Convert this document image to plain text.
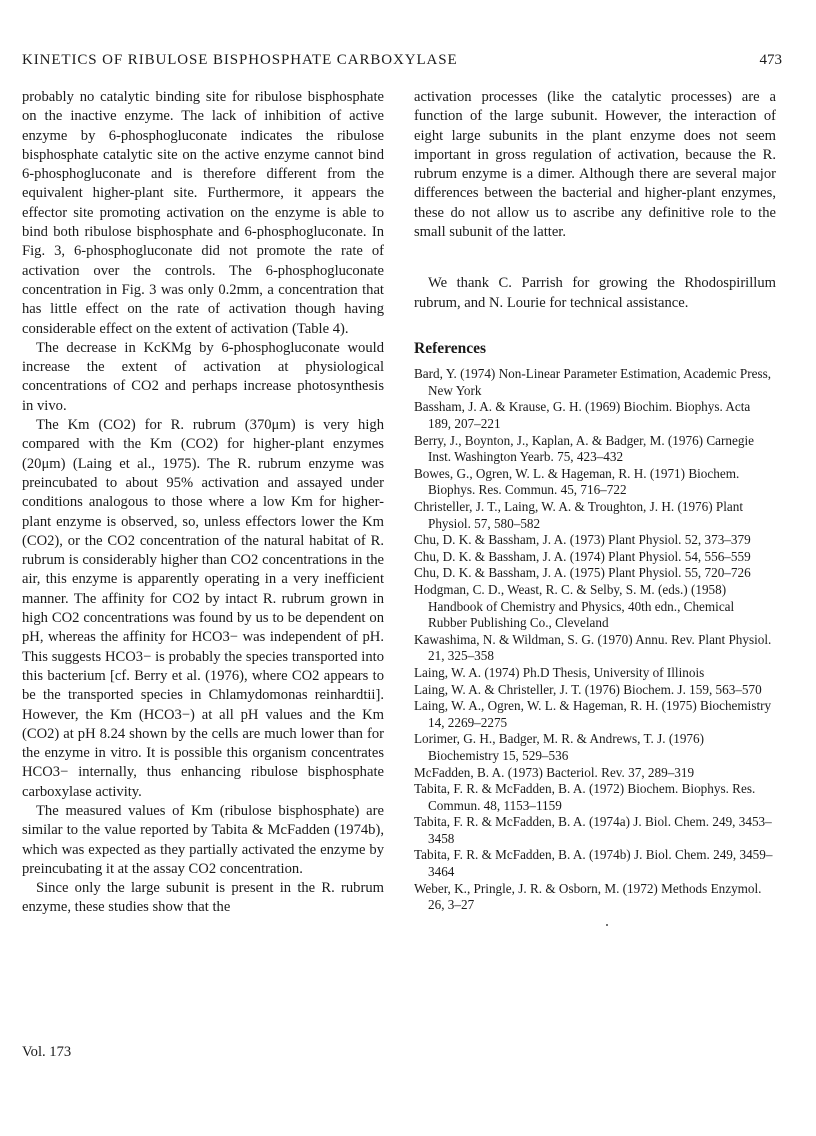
KINETICS OF RIBULOSE BISPHOSPHATE CARBOXYLASE	473

probably no catalytic binding site for ribulose bisphosphate on the inactive enzyme. The lack of inhibition of active enzyme by 6-phosphogluconate indicates the ribulose bisphosphate catalytic site on the active enzyme cannot bind 6-phosphogluconate and is therefore different from the equivalent higher-plant site. Furthermore, it appears the effector site promoting activation on the enzyme is able to bind both ribulose bisphosphate and 6-phosphogluconate. In Fig. 3, 6-phosphogluconate did not promote the rate of activation over the controls. The 6-phosphogluconate concentration in Fig. 3 was only 0.2mm, a concentration that has little effect on the rate of activation though having considerable effect on the extent of activation (Table 4).

The decrease in KcKMg by 6-phosphogluconate would increase the extent of activation at physiological concentrations of CO2 and perhaps increase photosynthesis in vivo.

The Km (CO2) for R. rubrum (370μm) is very high compared with the Km (CO2) for higher-plant enzymes (20μm) (Laing et al., 1975). The R. rubrum enzyme was preincubated to about 95% activation and assayed under conditions analogous to those where a low Km for higher-plant enzyme is observed, so, unless effectors lower the Km (CO2), or the CO2 concentration of the natural habitat of R. rubrum is considerably higher than CO2 concentrations in the air, this enzyme is apparently operating in a very inefficient manner. The affinity for CO2 by intact R. rubrum grown in high CO2 concentrations was found by us to be dependent on pH, whereas the affinity for HCO3− was independent of pH. This suggests HCO3− is probably the species transported into this bacterium [cf. Berry et al. (1976), where CO2 appears to be the transported species in Chlamydomonas reinhardtii]. However, the Km (HCO3−) at all pH values and the Km (CO2) at pH 8.24 shown by the cells are much lower than for the enzyme in vitro. It is possible this organism concentrates HCO3− internally, thus enhancing ribulose bisphosphate carboxylase activity.

The measured values of Km (ribulose bisphosphate) are similar to the value reported by Tabita & McFadden (1974b), which was expected as they partially activated the enzyme by preincubating it at the assay CO2 concentration.

Since only the large subunit is present in the R. rubrum enzyme, these studies show that the

activation processes (like the catalytic processes) are a function of the large subunit. However, the interaction of eight large subunits in the plant enzyme does not seem important in gross regulation of activation, because the R. rubrum enzyme is a dimer. Although there are several major differences between the bacterial and higher-plant enzymes, these do not allow us to ascribe any definitive role to the small subunit of the latter.

We thank C. Parrish for growing the Rhodospirillum rubrum, and N. Lourie for technical assistance.

References
Bard, Y. (1974) Non-Linear Parameter Estimation, Academic Press, New York
Bassham, J. A. & Krause, G. H. (1969) Biochim. Biophys. Acta 189, 207–221
Berry, J., Boynton, J., Kaplan, A. & Badger, M. (1976) Carnegie Inst. Washington Yearb. 75, 423–432
Bowes, G., Ogren, W. L. & Hageman, R. H. (1971) Biochem. Biophys. Res. Commun. 45, 716–722
Christeller, J. T., Laing, W. A. & Troughton, J. H. (1976) Plant Physiol. 57, 580–582
Chu, D. K. & Bassham, J. A. (1973) Plant Physiol. 52, 373–379
Chu, D. K. & Bassham, J. A. (1974) Plant Physiol. 54, 556–559
Chu, D. K. & Bassham, J. A. (1975) Plant Physiol. 55, 720–726
Hodgman, C. D., Weast, R. C. & Selby, S. M. (eds.) (1958) Handbook of Chemistry and Physics, 40th edn., Chemical Rubber Publishing Co., Cleveland
Kawashima, N. & Wildman, S. G. (1970) Annu. Rev. Plant Physiol. 21, 325–358
Laing, W. A. (1974) Ph.D Thesis, University of Illinois
Laing, W. A. & Christeller, J. T. (1976) Biochem. J. 159, 563–570
Laing, W. A., Ogren, W. L. & Hageman, R. H. (1975) Biochemistry 14, 2269–2275
Lorimer, G. H., Badger, M. R. & Andrews, T. J. (1976) Biochemistry 15, 529–536
McFadden, B. A. (1973) Bacteriol. Rev. 37, 289–319
Tabita, F. R. & McFadden, B. A. (1972) Biochem. Biophys. Res. Commun. 48, 1153–1159
Tabita, F. R. & McFadden, B. A. (1974a) J. Biol. Chem. 249, 3453–3458
Tabita, F. R. & McFadden, B. A. (1974b) J. Biol. Chem. 249, 3459–3464
Weber, K., Pringle, J. R. & Osborn, M. (1972) Methods Enzymol. 26, 3–27
Vol. 173
